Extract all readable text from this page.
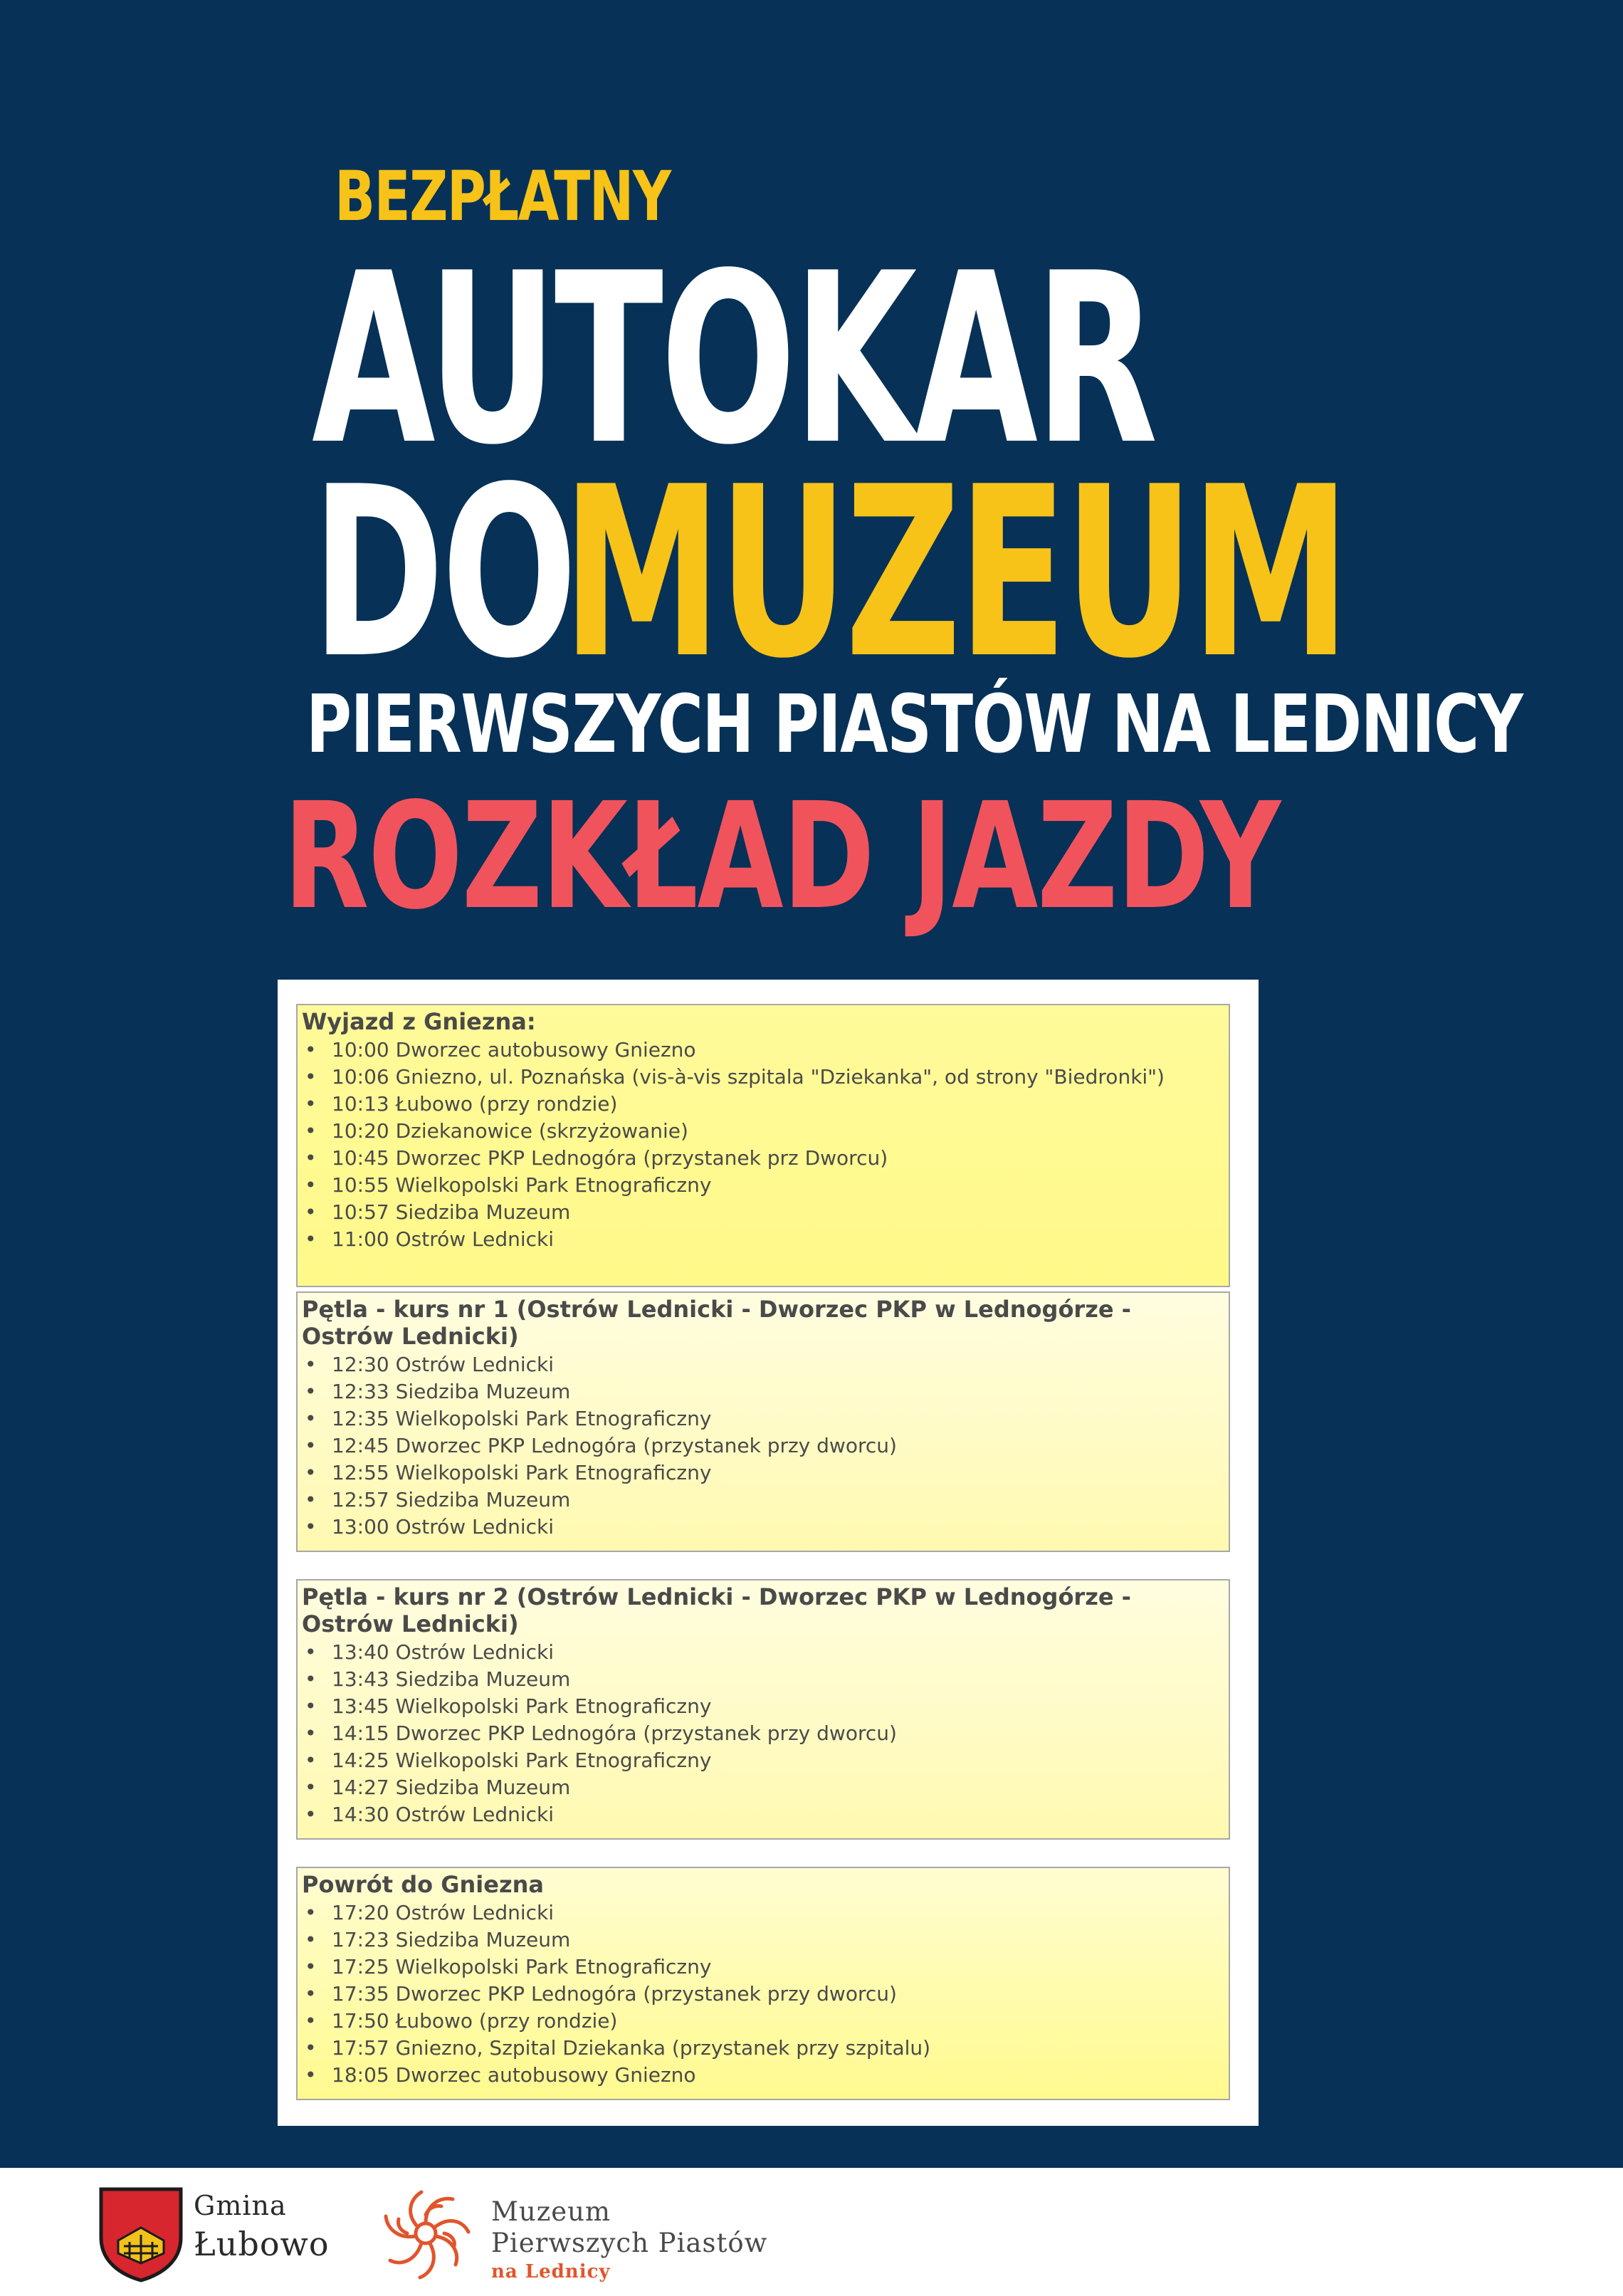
BEZPŁATNY
AUTOKAR
DO
MUZEUM
PIERWSZYCH PIASTÓW NA LEDNICY
ROZKŁAD JAZDY
Wyjazd z Gniezna:
• 10:00 Dworzec autobusowy Gniezno
• 10:06 Gniezno, ul. Poznańska (vis-à-vis szpitala "Dziekanka", od strony "Biedronki")
• 10:13 Łubowo (przy rondzie)
• 10:20 Dziekanowice (skrzyżowanie)
• 10:45 Dworzec PKP Lednogóra (przystanek prz Dworcu)
• 10:55 Wielkopolski Park Etnograficzny
• 10:57 Siedziba Muzeum
• 11:00 Ostrów Lednicki
Pętla - kurs nr 1 (Ostrów Lednicki - Dworzec PKP w Lednogórze - Ostrów Lednicki)
• 12:30 Ostrów Lednicki
• 12:33 Siedziba Muzeum
• 12:35 Wielkopolski Park Etnograficzny
• 12:45 Dworzec PKP Lednogóra (przystanek przy dworcu)
• 12:55 Wielkopolski Park Etnograficzny
• 12:57 Siedziba Muzeum
• 13:00 Ostrów Lednicki
Pętla - kurs nr 2 (Ostrów Lednicki - Dworzec PKP w Lednogórze - Ostrów Lednicki)
• 13:40 Ostrów Lednicki
• 13:43 Siedziba Muzeum
• 13:45 Wielkopolski Park Etnograficzny
• 14:15 Dworzec PKP Lednogóra (przystanek przy dworcu)
• 14:25 Wielkopolski Park Etnograficzny
• 14:27 Siedziba Muzeum
• 14:30 Ostrów Lednicki
Powrót do Gniezna
• 17:20 Ostrów Lednicki
• 17:23 Siedziba Muzeum
• 17:25 Wielkopolski Park Etnograficzny
• 17:35 Dworzec PKP Lednogóra (przystanek przy dworcu)
• 17:50 Łubowo (przy rondzie)
• 17:57 Gniezno, Szpital Dziekanka (przystanek przy szpitalu)
• 18:05 Dworzec autobusowy Gniezno
Gmina
Łubowo
Muzeum
Pierwszych Piastów
na Lednicy
